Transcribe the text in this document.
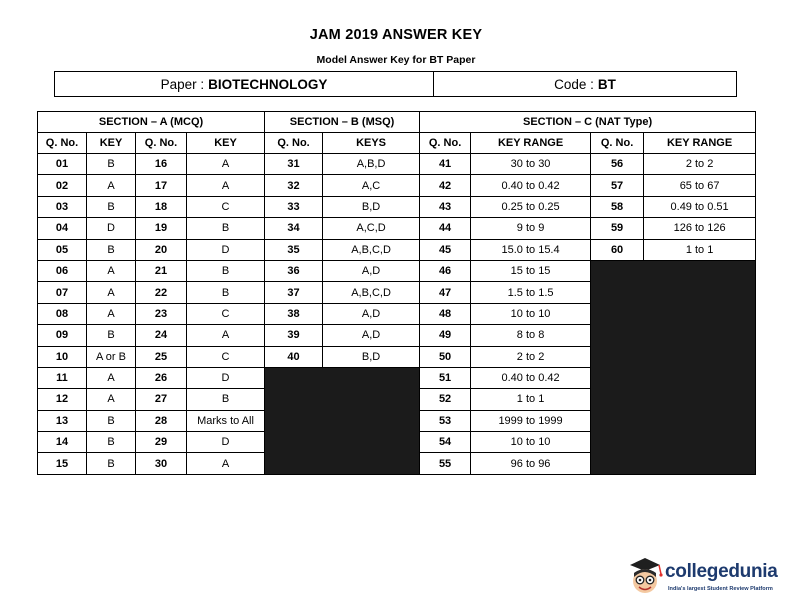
JAM 2019 ANSWER KEY
Model Answer Key for BT Paper
Paper : BIOTECHNOLOGY	Code : BT
SECTION – A (MCQ)				SECTION – B (MSQ)		SECTION – C (NAT Type)			
Q. No.	KEY	Q. No.	KEY	Q. No.	KEYS	Q. No.	KEY RANGE	Q. No.	KEY RANGE
01	B	16	A	31	A,B,D	41	30 to 30	56	2 to 2
02	A	17	A	32	A,C	42	0.40 to 0.42	57	65 to 67
03	B	18	C	33	B,D	43	0.25 to 0.25	58	0.49 to 0.51
04	D	19	B	34	A,C,D	44	9 to 9	59	126 to 126
05	B	20	D	35	A,B,C,D	45	15.0 to 15.4	60	1 to 1
06	A	21	B	36	A,D	46	15 to 15		
07	A	22	B	37	A,B,C,D	47	1.5 to 1.5		
08	A	23	C	38	A,D	48	10 to 10		
09	B	24	A	39	A,D	49	8 to 8		
10	A or B	25	C	40	B,D	50	2 to 2		
11	A	26	D			51	0.40 to 0.42		
12	A	27	B			52	1 to 1		
13	B	28	Marks to All			53	1999 to 1999		
14	B	29	D			54	10 to 10		
15	B	30	A			55	96 to 96		
collegedunia
India's largest Student Review Platform
